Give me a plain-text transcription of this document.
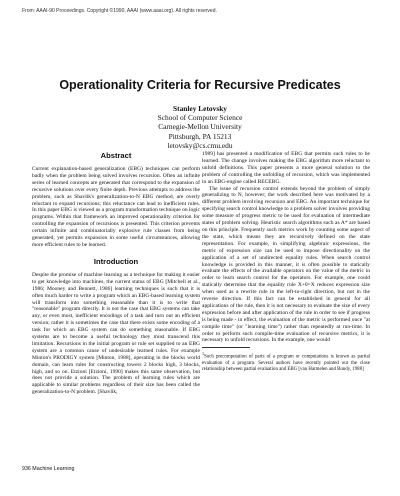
From: AAAI-90 Proceedings. Copyright ©1990, AAAI (www.aaai.org). All rights reserved.
Operationality Criteria for Recursive Predicates
Stanley Letovsky
School of Computer Science
Carnegie-Mellon University
Pittsburgh, PA 15213
letovsky@cs.cmu.edu
Abstract

Current explanation-based generalization (EBG) techniques can perform badly when the problem being solved involves recursion. Often an infinite series of learned concepts are generated that correspond to the expansion of recursive solutions over every finite depth. Previous attempts to address the problem, such as Shavlik's generalization-to-N EBG method, are overly reluctant to expand recursions; this reluctance can lead to inefficient rules. In this paper EBG is viewed as a program transformation technique on logic programs. Within that framework an improved operationality criterion for controlling the expansion of recursions is presented. This criterion prevents certain infinite and combinatorially explosive rule classes from being generated, yet permits expansion in some useful circumstances, allowing more efficient rules to be learned.

Introduction

Despite the promise of machine learning as a technique for making it easier to get knowledge into machines, the current status of EBG [Mitchell et al., 1986; Mooney and Bennett, 1986] learning techniques is such that it is often much harder to write a program which an EBG-based learning system will transform into something reasonable than it is to write that "reasonable" program directly. It is not the case that EBG systems can take any, or even most, inefficient encodings of a task and turn out an efficient version; rather it is sometimes the case that there exists some encoding of a task for which an EBG system can do something reasonable. If EBG systems are to become a useful technology they must transcend this limitation. Recursions in the initial program or rule set supplied to an EBG system are a common cause of undesirable learned rules. For example Minton's PRODIGY system [Minton, 1988], operating in the blocks world domain, can learn rules for constructing towers 2 blocks high, 3 blocks, high, and so on. Etzioni [Etzioni, 1990] makes this same observation, but does not provide a solution. The problem of learning rules which are applicable to similar problems regardless of their size has been called the generalization-to-N problem. [Shavlik,

1989] has presented a modification of EBG that permits such rules to be learned. The change involves making the EBG algorithm more reluctant to unfold definitions. This paper presents a more general solution to the problem of controlling the unfolding of recursion, which was implemented in an EBG-engine called RECEBG.

The issue of recursion control extends beyond the problem of simply generalizing to N, however; the work described here was motivated by a different problem involving recursion and EBG. An important technique for specifying search control knowledge to a problem solver involves providing some measure of progress metric to be used for evaluation of intermediate states of problem solving. Heuristic search algorithms such as A* are based on this principle. Frequently such metrics work by counting some aspect of the state, which means they are recursively defined on the state representation. For example, in simplifying algebraic expressions, the metric of expression size can be used to impose directionality on the application of a set of undirected equality rules. When search control knowledge is provided in this manner, it is often possible to statically evaluate the effects of the available operators on the value of the metric in order to learn search control for the operators. For example, one could statically determine that the equality rule X+0=X reduces expression size when used as a rewrite rule in the left-to-right direction, but not in the reverse direction. If this fact can be established in general for all applications of the rule, then it is not necessary to evaluate the size of every expression before and after application of the rule in order to see if progress is being made - in effect, the evaluation of the metric is performed once "at compile time" (or "learning time") rather than repeatedly at run-time. In order to perform such compile-time evaluation of recursive metrics, it is necessary to unfold recursions. In the example, one would

$^1$Such precomputation of parts of a program or computations is known as partial evaluation of a program. Several authors have recently pointed out the close relationship between partial evaluation and EBG [van Harmelen and Bundy, 1988]

936 Machine Learning
